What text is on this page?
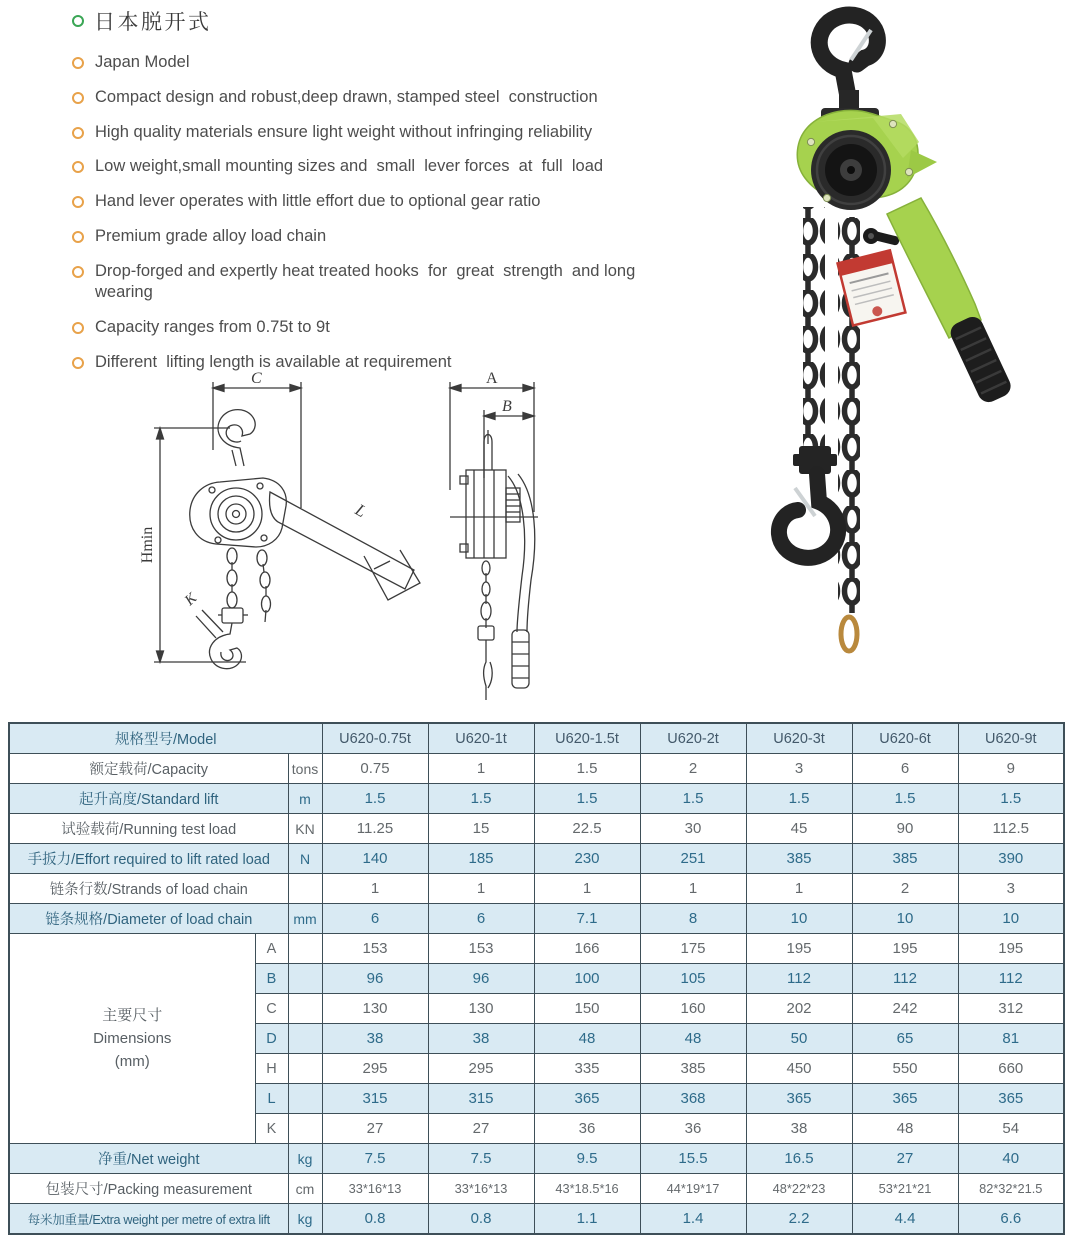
日本脱开式
Japan Model
Compact design and robust,deep drawn, stamped steel  construction
High quality materials ensure light weight without infringing reliability
Low weight,small mounting sizes and  small  lever forces  at  full  load
Hand lever operates with little effort due to optional gear ratio
Premium grade alloy load chain
Drop-forged and expertly heat treated hooks  for  great  strength  and long wearing
Capacity ranges from 0.75t to 9t
Different  lifting length is available at requirement
C
Hmin
L
K
A
B
规格型号/Model			U620-0.75t	U620-1t	U620-1.5t	U620-2t	U620-3t	U620-6t	U620-9t
额定载荷/Capacity		tons	0.75	1	1.5	2	3	6	9
起升高度/Standard lift		m	1.5	1.5	1.5	1.5	1.5	1.5	1.5
试验载荷/Running test load		KN	11.25	15	22.5	30	45	90	112.5
手扳力/Effort required to lift rated load		N	140	185	230	251	385	385	390
链条行数/Strands of load chain			1	1	1	1	1	2	3
链条规格/Diameter of load chain		mm	6	6	7.1	8	10	10	10

主要尺寸
Dimensions
(mm)	A		153	153	166	175	195	195	195
	B		96	96	100	105	112	112	112
	C		130	130	150	160	202	242	312
	D		38	38	48	48	50	65	81
	H		295	295	335	385	450	550	660
	L		315	315	365	368	365	365	365
	K		27	27	36	36	38	48	54
净重/Net weight		kg	7.5	7.5	9.5	15.5	16.5	27	40
包装尺寸/Packing measurement		cm	33*16*13	33*16*13	43*18.5*16	44*19*17	48*22*23	53*21*21	82*32*21.5
每米加重量/Extra weight per metre of extra lift		kg	0.8	0.8	1.1	1.4	2.2	4.4	6.6
